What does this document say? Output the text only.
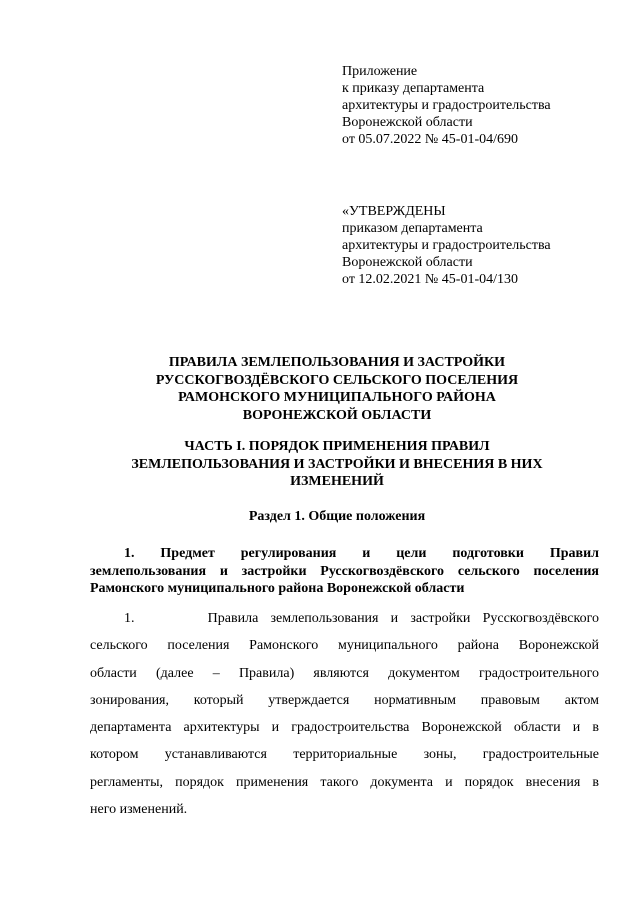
Приложение
к приказу департамента
архитектуры и градостроительства
Воронежской области
от 05.07.2022 № 45-01-04/690
«УТВЕРЖДЕНЫ
приказом департамента
архитектуры и градостроительства
Воронежской области
от 12.02.2021 № 45-01-04/130
ПРАВИЛА ЗЕМЛЕПОЛЬЗОВАНИЯ И ЗАСТРОЙКИ
РУССКОГВОЗДЁВСКОГО СЕЛЬСКОГО ПОСЕЛЕНИЯ
РАМОНСКОГО МУНИЦИПАЛЬНОГО РАЙОНА
ВОРОНЕЖСКОЙ ОБЛАСТИ
ЧАСТЬ I. ПОРЯДОК ПРИМЕНЕНИЯ ПРАВИЛ
ЗЕМЛЕПОЛЬЗОВАНИЯ И ЗАСТРОЙКИ И ВНЕСЕНИЯ В НИХ
ИЗМЕНЕНИЙ
Раздел 1. Общие положения
1. Предмет регулирования и цели подготовки Правил
землепользования и застройки Русскогвоздёвского сельского поселения
Рамонского муниципального района Воронежской области
1.	Правила землепользования и застройки Русскогвоздёвского
сельского поселения Рамонского муниципального района Воронежской
области (далее – Правила) являются документом градостроительного
зонирования, который утверждается нормативным правовым актом
департамента архитектуры и градостроительства Воронежской области и в
котором устанавливаются территориальные зоны, градостроительные
регламенты, порядок применения такого документа и порядок внесения в
него изменений.
